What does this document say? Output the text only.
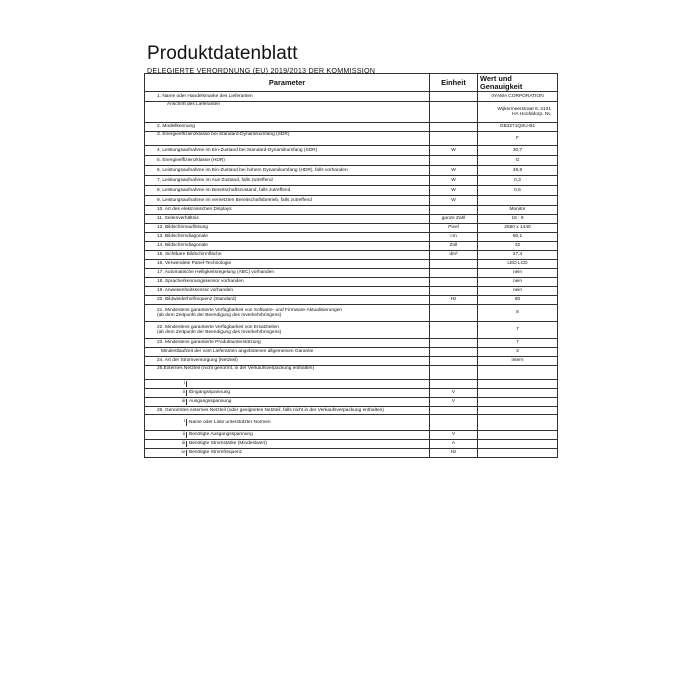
Produktdatenblatt
DELEGIERTE VERORDNUNG (EU) 2019/2013 DER KOMMISSION
Parameter	Einheit	Wert und
Genauigkeit

1. Name oder Handelsmarke des Lieferanten		IIYAMA CORPORATION
Anschrift des Lieferanten		Wijkermeerstraat 8, 2131
HA Hoofddorp, NL

2. Modellkennung		GB3271QSU-B1
3. Energieeffizienzklasse bei Standard-Dynamikumfang (SDR)		F
4. Leistungsaufnahme im Ein-Zustand bei Standard-Dynamikumfang (SDR)	W	30,7
5. Energieeffizienzklasse (HDR)		G
6. Leistungsaufnahme im Ein-Zustand bei hohem Dynamikumfang (HDR), falls vorhanden	W	49,8
7. Leistungsaufnahme im Aus-Zustand, falls zutreffend	W	0,3
8. Leistungsaufnahme im Bereitschaftszustand, falls zutreffend	W	0,5
9. Leistungsaufnahme im vernetzten Bereitschaftsbetrieb, falls zutreffend	W	
10. Art des elektronischen Displays		Monitor
11. Seitenverhältnis	ganze Zahl	16 : 9
12. Bildschirmauflösung	Pixel	2560 x 1440
13. Bildschirmdiagonale	cm	80,1
14. Bildschirmdiagonale	Zoll	32
15. Sichtbare Bildschirmfläche	dm²	27,4
16. Verwendete Panel-Technologie		LED LCD
17. Automatische Helligkeitsregelung (ABC) vorhanden		nein
18. Spracherkennungssensor vorhanden		nein
19. Anwesenheitssensor vorhanden		nein
20. Bildwiederholfrequenz (Standard)	Hz	60

21. Mindestens garantierte Verfügbarkeit von Software- und Firmware-Aktualisierungen
(ab dem Zeitpunkt der Beendigung des Inverkehrbringens)		8

22. Mindestens garantierte Verfügbarkeit von Ersatzteilen
(ab dem Zeitpunkt der Beendigung des Inverkehrbringens)		7
23. Mindestens garantierte Produktunterstützung		7
Mindestlaufzeit der vom Lieferanten angebotenen allgemeinen Garantie		3
24. Art der Stromversorgung (Netzteil)		intern
25.Externes Netzteil (nicht genormt, in der Verkaufsverpackung enthalten)		

i		

ii Eingangsspannung	V	

iii Ausgangsspannung	V	
26. Genormtes externes Netzteil (oder geeignetes Netzteil, falls nicht in der Verkaufsverpackung enthalten)		

i Name oder Liste unterstützter Normen		

ii Benötigte Ausgangsspannung	V	

iii Benötigte Stromstärke (Mindestwert)	A	

iv Benötigte Stromfrequenz	Hz	
